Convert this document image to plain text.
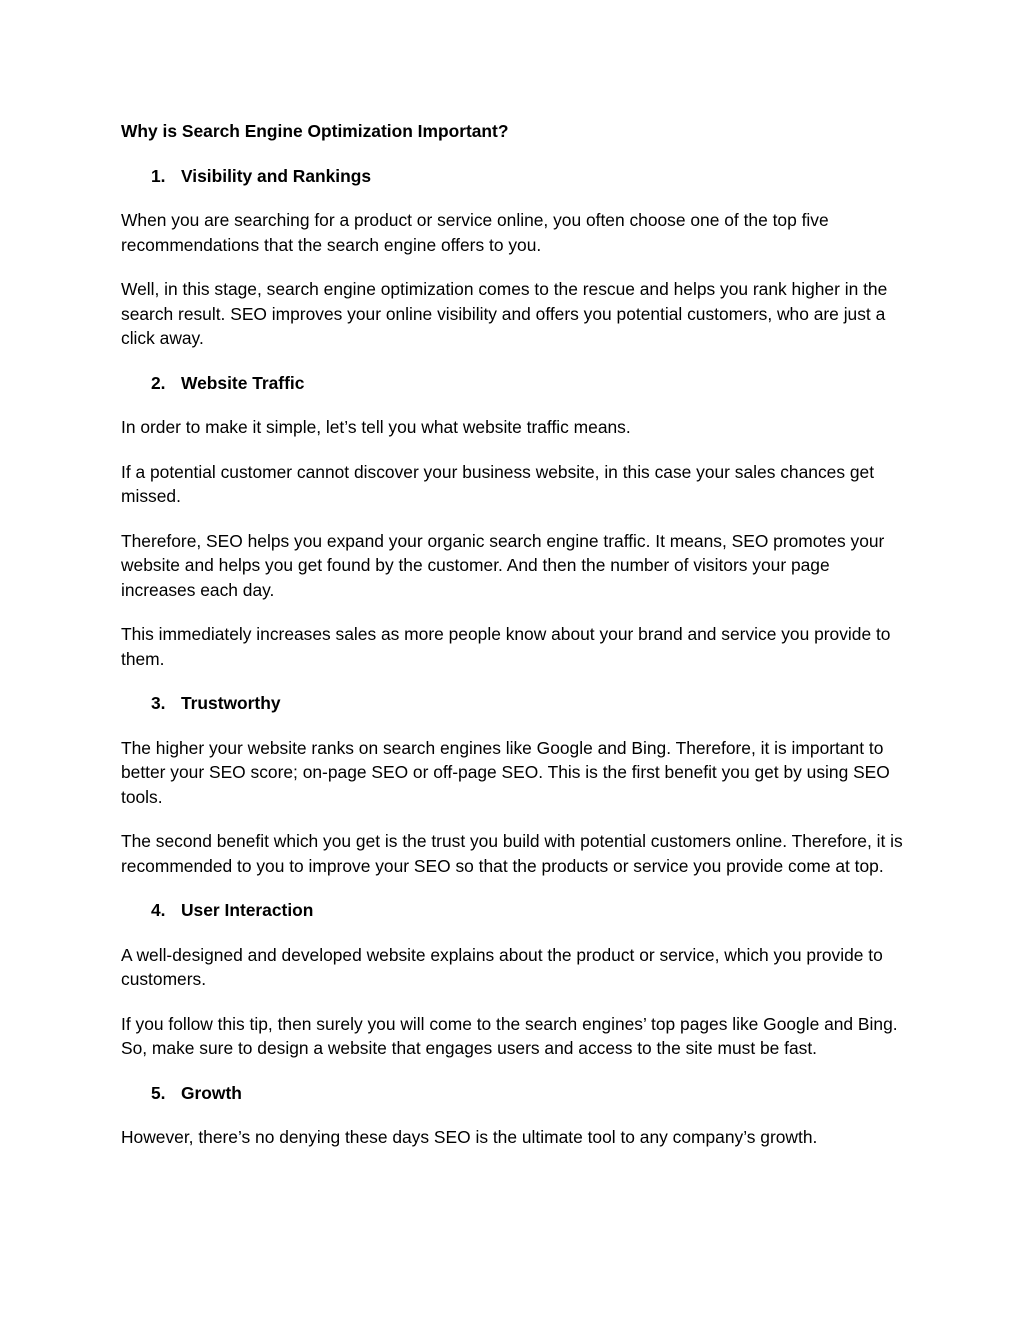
Why is Search Engine Optimization Important?
1. Visibility and Rankings

When you are searching for a product or service online, you often choose one of the top five recommendations that the search engine offers to you.

Well, in this stage, search engine optimization comes to the rescue and helps you rank higher in the search result. SEO improves your online visibility and offers you potential customers, who are just a click away.

2. Website Traffic

In order to make it simple, let’s tell you what website traffic means.

If a potential customer cannot discover your business website, in this case your sales chances get missed.

Therefore, SEO helps you expand your organic search engine traffic. It means, SEO promotes your website and helps you get found by the customer. And then the number of visitors your page increases each day.

This immediately increases sales as more people know about your brand and service you provide to them.

3. Trustworthy

The higher your website ranks on search engines like Google and Bing. Therefore, it is important to better your SEO score; on-page SEO or off-page SEO. This is the first benefit you get by using SEO tools.

The second benefit which you get is the trust you build with potential customers online. Therefore, it is recommended to you to improve your SEO so that the products or service you provide come at top.

4. User Interaction

A well-designed and developed website explains about the product or service, which you provide to customers.

If you follow this tip, then surely you will come to the search engines’ top pages like Google and Bing. So, make sure to design a website that engages users and access to the site must be fast.

5. Growth

However, there’s no denying these days SEO is the ultimate tool to any company’s growth.
